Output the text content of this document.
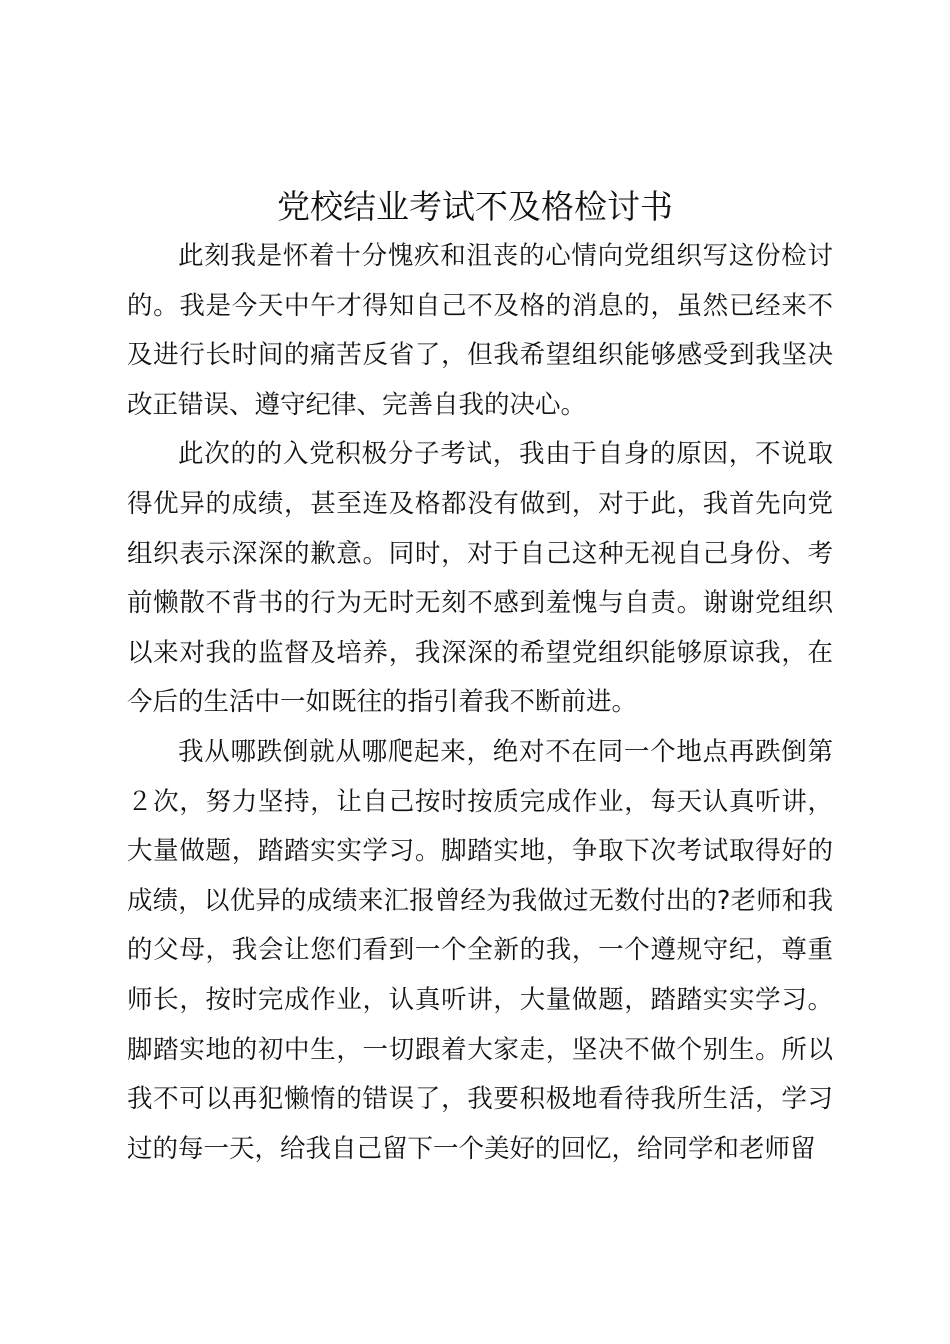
党校结业考试不及格检讨书

此刻我是怀着十分愧疚和沮丧的心情向党组织写这份检讨的。我是今天中午才得知自己不及格的消息的，虽然已经来不及进行长时间的痛苦反省了，但我希望组织能够感受到我坚决改正错误、遵守纪律、完善自我的决心。

此次的的入党积极分子考试，我由于自身的原因，不说取得优异的成绩，甚至连及格都没有做到，对于此，我首先向党组织表示深深的歉意。同时，对于自己这种无视自己身份、考前懒散不背书的行为无时无刻不感到羞愧与自责。谢谢党组织以来对我的监督及培养，我深深的希望党组织能够原谅我，在今后的生活中一如既往的指引着我不断前进。

我从哪跌倒就从哪爬起来，绝对不在同一个地点再跌倒第２次，努力坚持，让自己按时按质完成作业，每天认真听讲，大量做题，踏踏实实学习。脚踏实地，争取下次考试取得好的成绩，以优异的成绩来汇报曾经为我做过无数付出的?老师和我的父母，我会让您们看到一个全新的我，一个遵规守纪，尊重师长，按时完成作业，认真听讲，大量做题，踏踏实实学习。脚踏实地的初中生，一切跟着大家走，坚决不做个别生。所以我不可以再犯懒惰的错误了，我要积极地看待我所生活，学习过的每一天，给我自己留下一个美好的回忆，给同学和老师留
